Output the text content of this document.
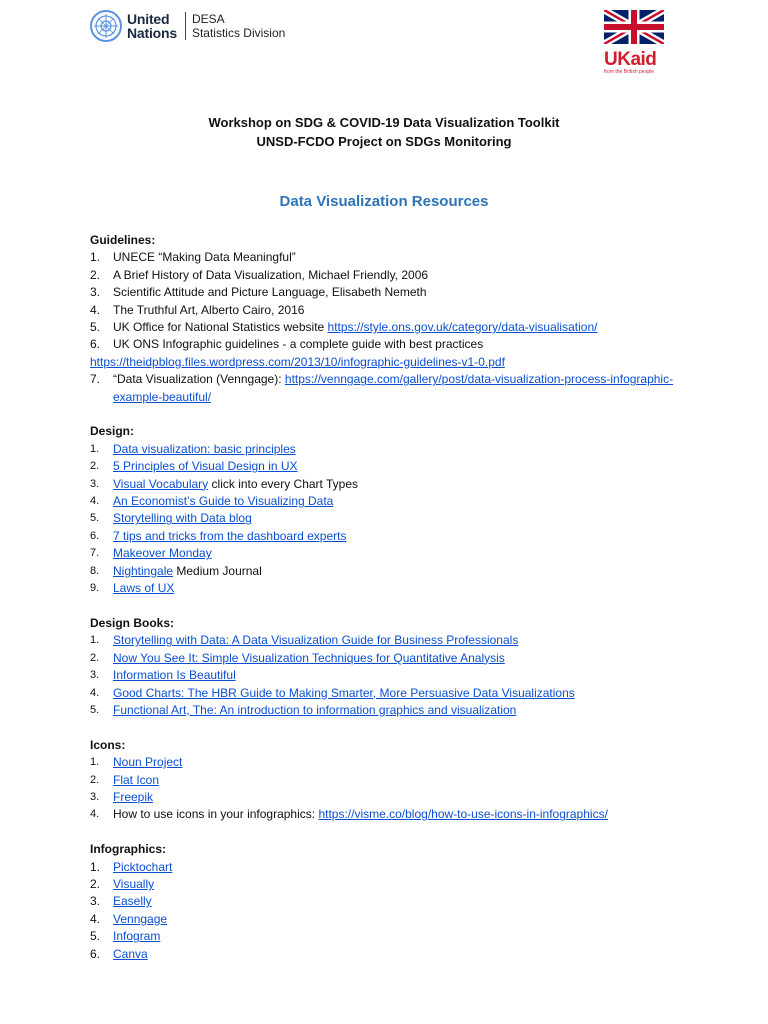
United
Nations
DESA
Statistics Division
UKaid
from the British people
Workshop on SDG & COVID-19 Data Visualization Toolkit
UNSD-FCDO Project on SDGs Monitoring
Data Visualization Resources
Guidelines:
1.	UNECE “Making Data Meaningful”
2.	A Brief History of Data Visualization, Michael Friendly, 2006
3.	Scientific Attitude and Picture Language, Elisabeth Nemeth
4.	The Truthful Art, Alberto Cairo, 2016
5.	UK Office for National Statistics website https://style.ons.gov.uk/category/data-visualisation/
6.	UK ONS Infographic guidelines - a complete guide with best practices
https://theidpblog.files.wordpress.com/2013/10/infographic-guidelines-v1-0.pdf
7.	“Data Visualization (Venngage): https://venngage.com/gallery/post/data-visualization-process-infographic-example-beautiful/
Design:
1.	Data visualization: basic principles
2.	5 Principles of Visual Design in UX
3.	Visual Vocabulary click into every Chart Types
4.	An Economist’s Guide to Visualizing Data
5.	Storytelling with Data blog
6.	7 tips and tricks from the dashboard experts
7.	Makeover Monday
8.	Nightingale Medium Journal
9.	Laws of UX
Design Books:
1.	Storytelling with Data: A Data Visualization Guide for Business Professionals
2.	Now You See It: Simple Visualization Techniques for Quantitative Analysis
3.	Information Is Beautiful
4.	Good Charts: The HBR Guide to Making Smarter, More Persuasive Data Visualizations
5.	Functional Art, The: An introduction to information graphics and visualization
Icons:
1.	Noun Project
2.	Flat Icon
3.	Freepik
4.	How to use icons in your infographics: https://visme.co/blog/how-to-use-icons-in-infographics/
Infographics:
1.	Picktochart
2.	Visually
3.	Easelly
4.	Venngage
5.	Infogram
6.	Canva
